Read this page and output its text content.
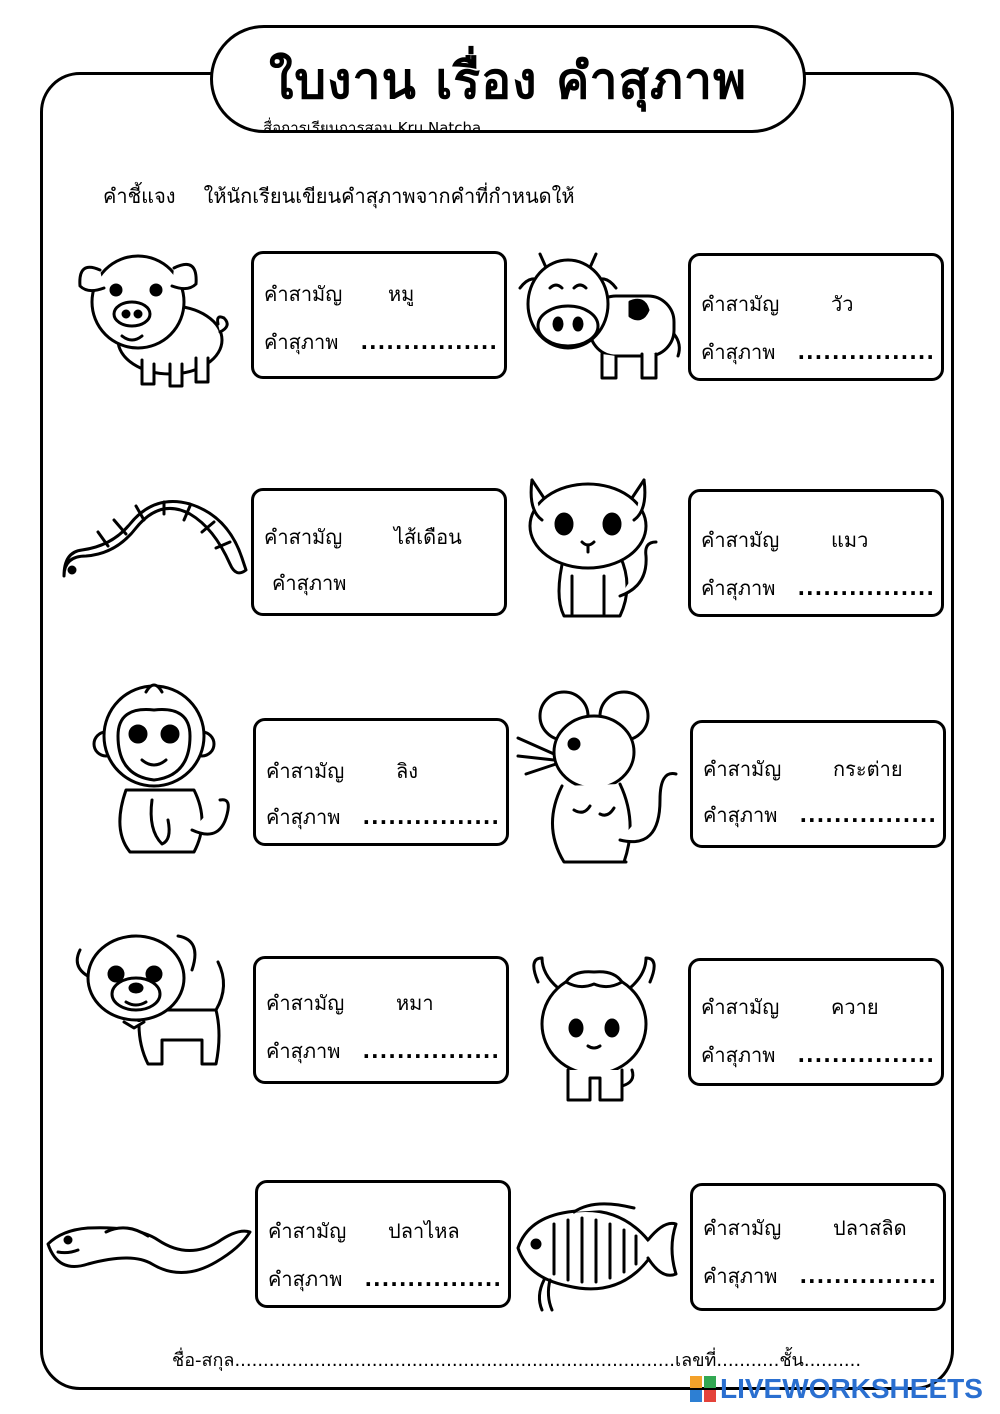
ใบงาน เรื่อง คำสุภาพ
สื่อการเรียนการสอน Kru Natcha
คำชี้แจง ให้นักเรียนเขียนคำสุภาพจากคำที่กำหนดให้
คำสามัญ	หมู
คำสุภาพ	................
คำสามัญ	วัว
คำสุภาพ	................
คำสามัญ	ไส้เดือน
คำสุภาพ
คำสามัญ	แมว
คำสุภาพ	................
คำสามัญ	ลิง
คำสุภาพ	................
คำสามัญ	กระต่าย
คำสุภาพ	................
คำสามัญ	หมา
คำสุภาพ	................
คำสามัญ	ควาย
คำสุภาพ	................
คำสามัญ	ปลาไหล
คำสุภาพ	................
คำสามัญ	ปลาสลิด
คำสุภาพ	................
ชื่อ-สกุล.............................................................................เลขที่...........ชั้น..........
LIVEWORKSHEETS
